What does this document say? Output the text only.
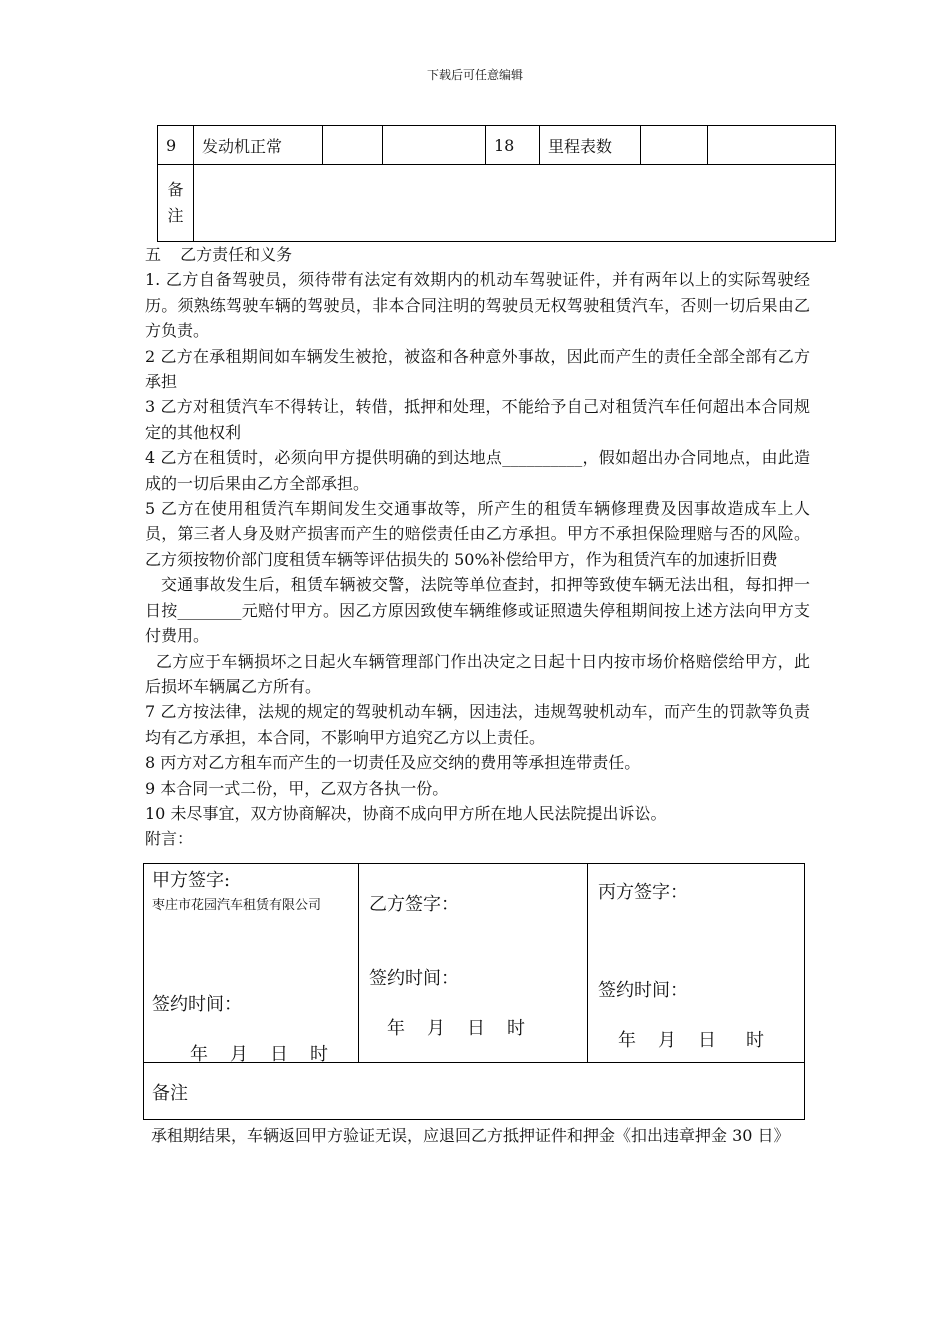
下载后可任意编辑
9	发动机正常			18	里程表数		

备
注							

五 乙方责任和义务

1. 乙方自备驾驶员，须待带有法定有效期内的机动车驾驶证件，并有两年以上的实际驾驶经历。须熟练驾驶车辆的驾驶员，非本合同注明的驾驶员无权驾驶租赁汽车，否则一切后果由乙方负责。

2 乙方在承租期间如车辆发生被抢，被盗和各种意外事故，因此而产生的责任全部全部有乙方承担

3 乙方对租赁汽车不得转让，转借，抵押和处理，不能给予自己对租赁汽车任何超出本合同规定的其他权利

4 乙方在租赁时，必须向甲方提供明确的到达地点__________，假如超出办合同地点，由此造成的一切后果由乙方全部承担。

5 乙方在使用租赁汽车期间发生交通事故等，所产生的租赁车辆修理费及因事故造成车上人员，第三者人身及财产损害而产生的赔偿责任由乙方承担。甲方不承担保险理赔与否的风险。乙方须按物价部门度租赁车辆等评估损失的 50%补偿给甲方，作为租赁汽车的加速折旧费

交通事故发生后，租赁车辆被交警，法院等单位查封，扣押等致使车辆无法出租，每扣押一日按________元赔付甲方。因乙方原因致使车辆维修或证照遗失停租期间按上述方法向甲方支付费用。

乙方应于车辆损坏之日起火车辆管理部门作出决定之日起十日内按市场价格赔偿给甲方，此后损坏车辆属乙方所有。

7 乙方按法律，法规的规定的驾驶机动车辆，因违法，违规驾驶机动车，而产生的罚款等负责均有乙方承担，本合同，不影响甲方追究乙方以上责任。

8 丙方对乙方租车而产生的一切责任及应交纳的费用等承担连带责任。

9 本合同一式二份，甲，乙双方各执一份。

10 未尽事宜，双方协商解决，协商不成向甲方所在地人民法院提出诉讼。

附言：

甲方签字:
枣庄市花园汽车租赁有限公司
签约时间：
年 月 日 时

乙方签字：
签约时间：
年 月 日 时

丙方签字：
签约时间：
年 月 日 时

备注

承租期结果，车辆返回甲方验证无误，应退回乙方抵押证件和押金《扣出违章押金 30 日》
